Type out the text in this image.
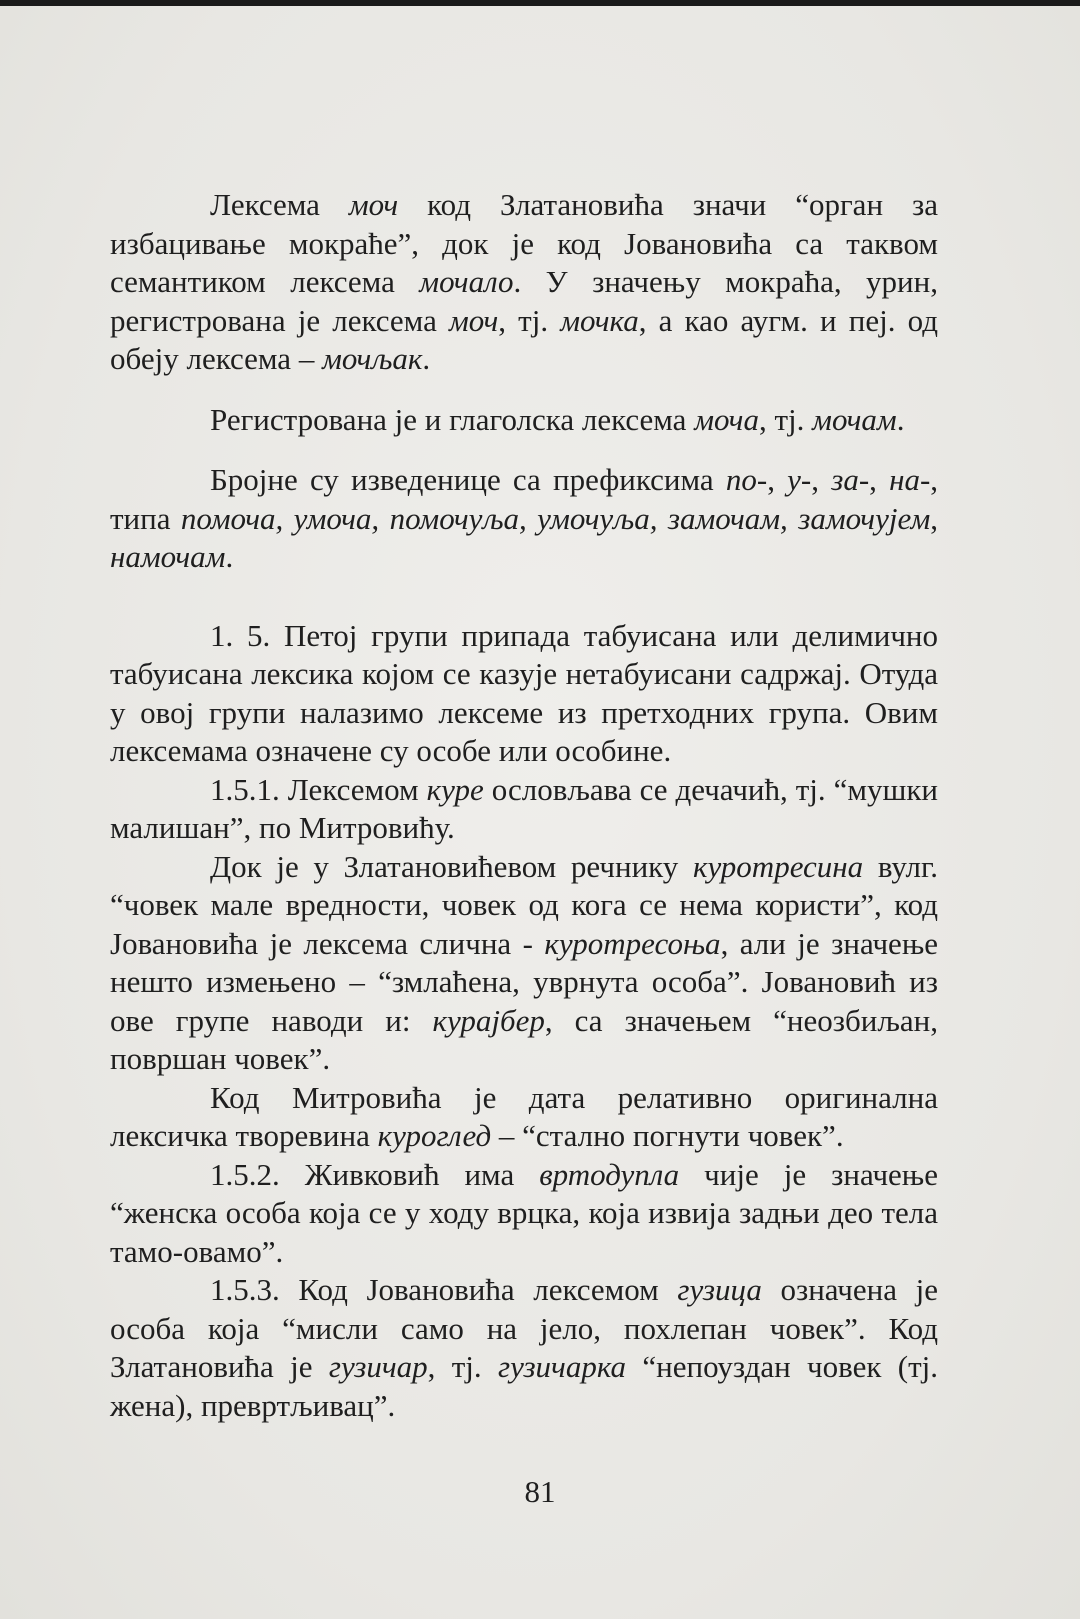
Лексема моч код Златановића значи “орган за избацивање мокраће”, док је код Јовановића са таквом семантиком лексема мочало. У значењу мокраћа, урин, регистрована је лексема моч, тј. мочка, а као аугм. и пеј. од обеју лексема – мочљак.

Регистрована је и глаголска лексема моча, тј. мочам.

Бројне су изведенице са префиксима по-, у-, за-, на-, типа помоча, умоча, помочуља, умочуља, замочам, замочујем, намочам.

1. 5. Петој групи припада табуисана или делимично табуисана лексика којом се казује нетабуисани садржај. Отуда у овој групи налазимо лексеме из претходних група. Овим лексемама означене су особе или особине.

1.5.1. Лексемом куре ословљава се дечачић, тј. “мушки малишан”, по Митровићу.

Док је у Златановићевом речнику куротресина вулг. “човек мале вредности, човек од кога се нема користи”, код Јовановића је лексема слична - куротресоња, али је значење нешто измењено – “змлаћена, уврнута особа”. Јовановић из ове групе наводи и: курајбер, са значењем “неозбиљан, површан човек”.

Код Митровића је дата релативно оригинална лексичка творевина курoглед – “стално погнути човек”.

1.5.2. Живковић има вртодупла чије је значење “женска особа која се у ходу врцка, која извија задњи део тела тамо-овамо”.

1.5.3. Код Јовановића лексемом гузица означена је особа која “мисли само на јело, похлепан човек”. Код Златановића је гузичар, тј. гузичарка “непоуздан човек (тј. жена), превртљивац”.

81
